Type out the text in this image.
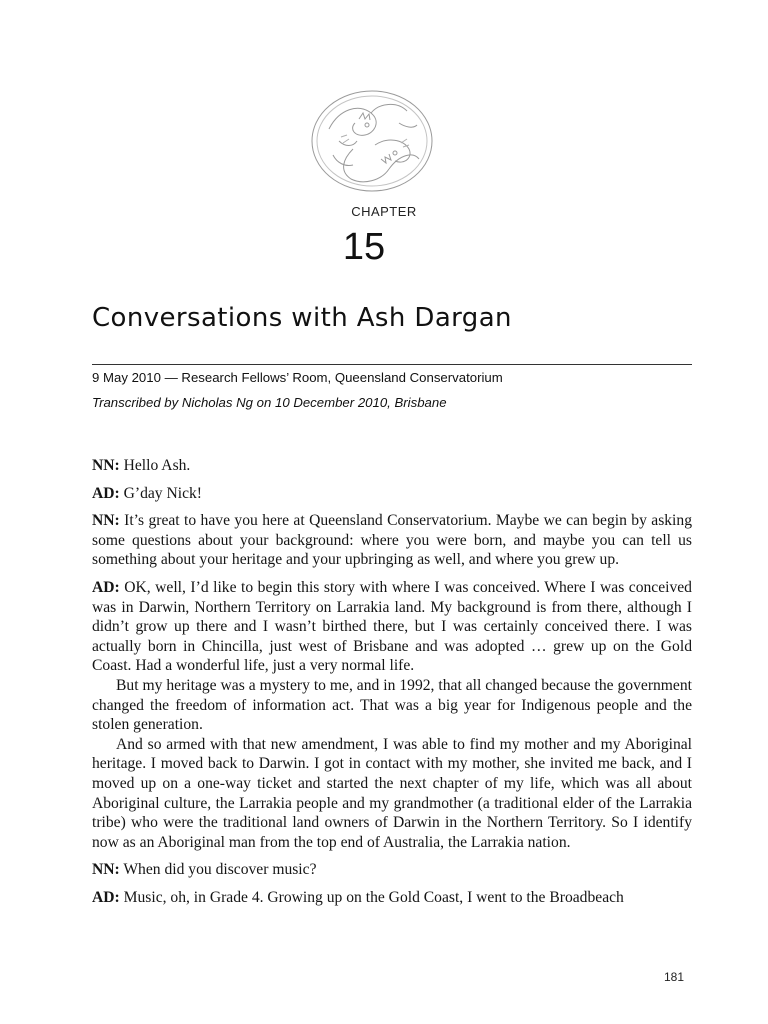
CHAPTER
15
Conversations with Ash Dargan
9 May 2010 — Research Fellows’ Room, Queensland Conservatorium
Transcribed by Nicholas Ng on 10 December 2010, Brisbane

NN: Hello Ash.

AD: G’day Nick!

NN: It’s great to have you here at Queensland Conservatorium. Maybe we can begin by asking some questions about your background: where you were born, and maybe you can tell us something about your heritage and your upbringing as well, and where you grew up.

AD: OK, well, I’d like to begin this story with where I was conceived. Where I was conceived was in Darwin, Northern Territory on Larrakia land. My background is from there, although I didn’t grow up there and I wasn’t birthed there, but I was certainly conceived there. I was actually born in Chincilla, just west of Brisbane and was adopted … grew up on the Gold Coast. Had a wonderful life, just a very normal life.

But my heritage was a mystery to me, and in 1992, that all changed because the government changed the freedom of information act. That was a big year for Indigenous people and the stolen generation.

And so armed with that new amendment, I was able to find my mother and my Aboriginal heritage. I moved back to Darwin. I got in contact with my mother, she invited me back, and I moved up on a one-way ticket and started the next chapter of my life, which was all about Aboriginal culture, the Larrakia people and my grandmother (a traditional elder of the Larrakia tribe) who were the traditional land owners of Darwin in the Northern Territory. So I identify now as an Aboriginal man from the top end of Australia, the Larrakia nation.

NN: When did you discover music?

AD: Music, oh, in Grade 4. Growing up on the Gold Coast, I went to the Broadbeach

181
